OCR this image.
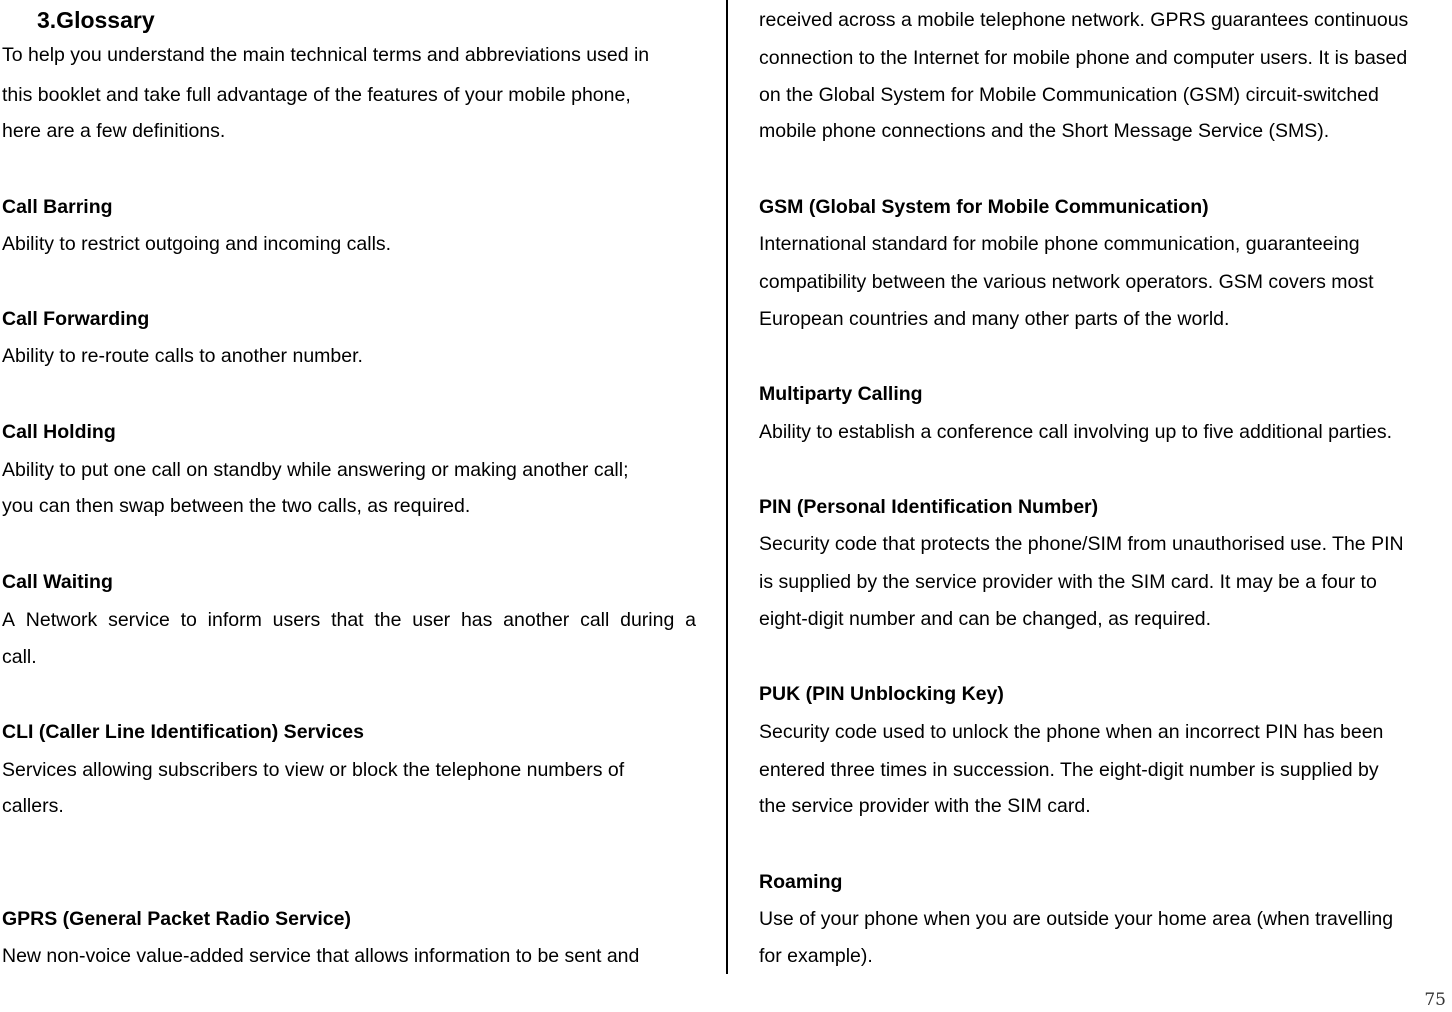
3.Glossary
To help you understand the main technical terms and abbreviations used in
this booklet and take full advantage of the features of your mobile phone,
here are a few definitions.
Call Barring
Ability to restrict outgoing and incoming calls.
Call Forwarding
Ability to re-route calls to another number.
Call Holding
Ability to put one call on standby while answering or making another call;
you can then swap between the two calls, as required.
Call Waiting
A Network service to inform users that the user has another call during a
call.
CLI (Caller Line Identification) Services
Services allowing subscribers to view or block the telephone numbers of
callers.
GPRS (General Packet Radio Service)
New non-voice value-added service that allows information to be sent and
received across a mobile telephone network. GPRS guarantees continuous
connection to the Internet for mobile phone and computer users. It is based
on the Global System for Mobile Communication (GSM) circuit-switched
mobile phone connections and the Short Message Service (SMS).
GSM (Global System for Mobile Communication)
International standard for mobile phone communication, guaranteeing
compatibility between the various network operators. GSM covers most
European countries and many other parts of the world.
Multiparty Calling
Ability to establish a conference call involving up to five additional parties.
PIN (Personal Identification Number)
Security code that protects the phone/SIM from unauthorised use. The PIN
is supplied by the service provider with the SIM card. It may be a four to
eight-digit number and can be changed, as required.
PUK (PIN Unblocking Key)
Security code used to unlock the phone when an incorrect PIN has been
entered three times in succession. The eight-digit number is supplied by
the service provider with the SIM card.
Roaming
Use of your phone when you are outside your home area (when travelling
for example).
75
